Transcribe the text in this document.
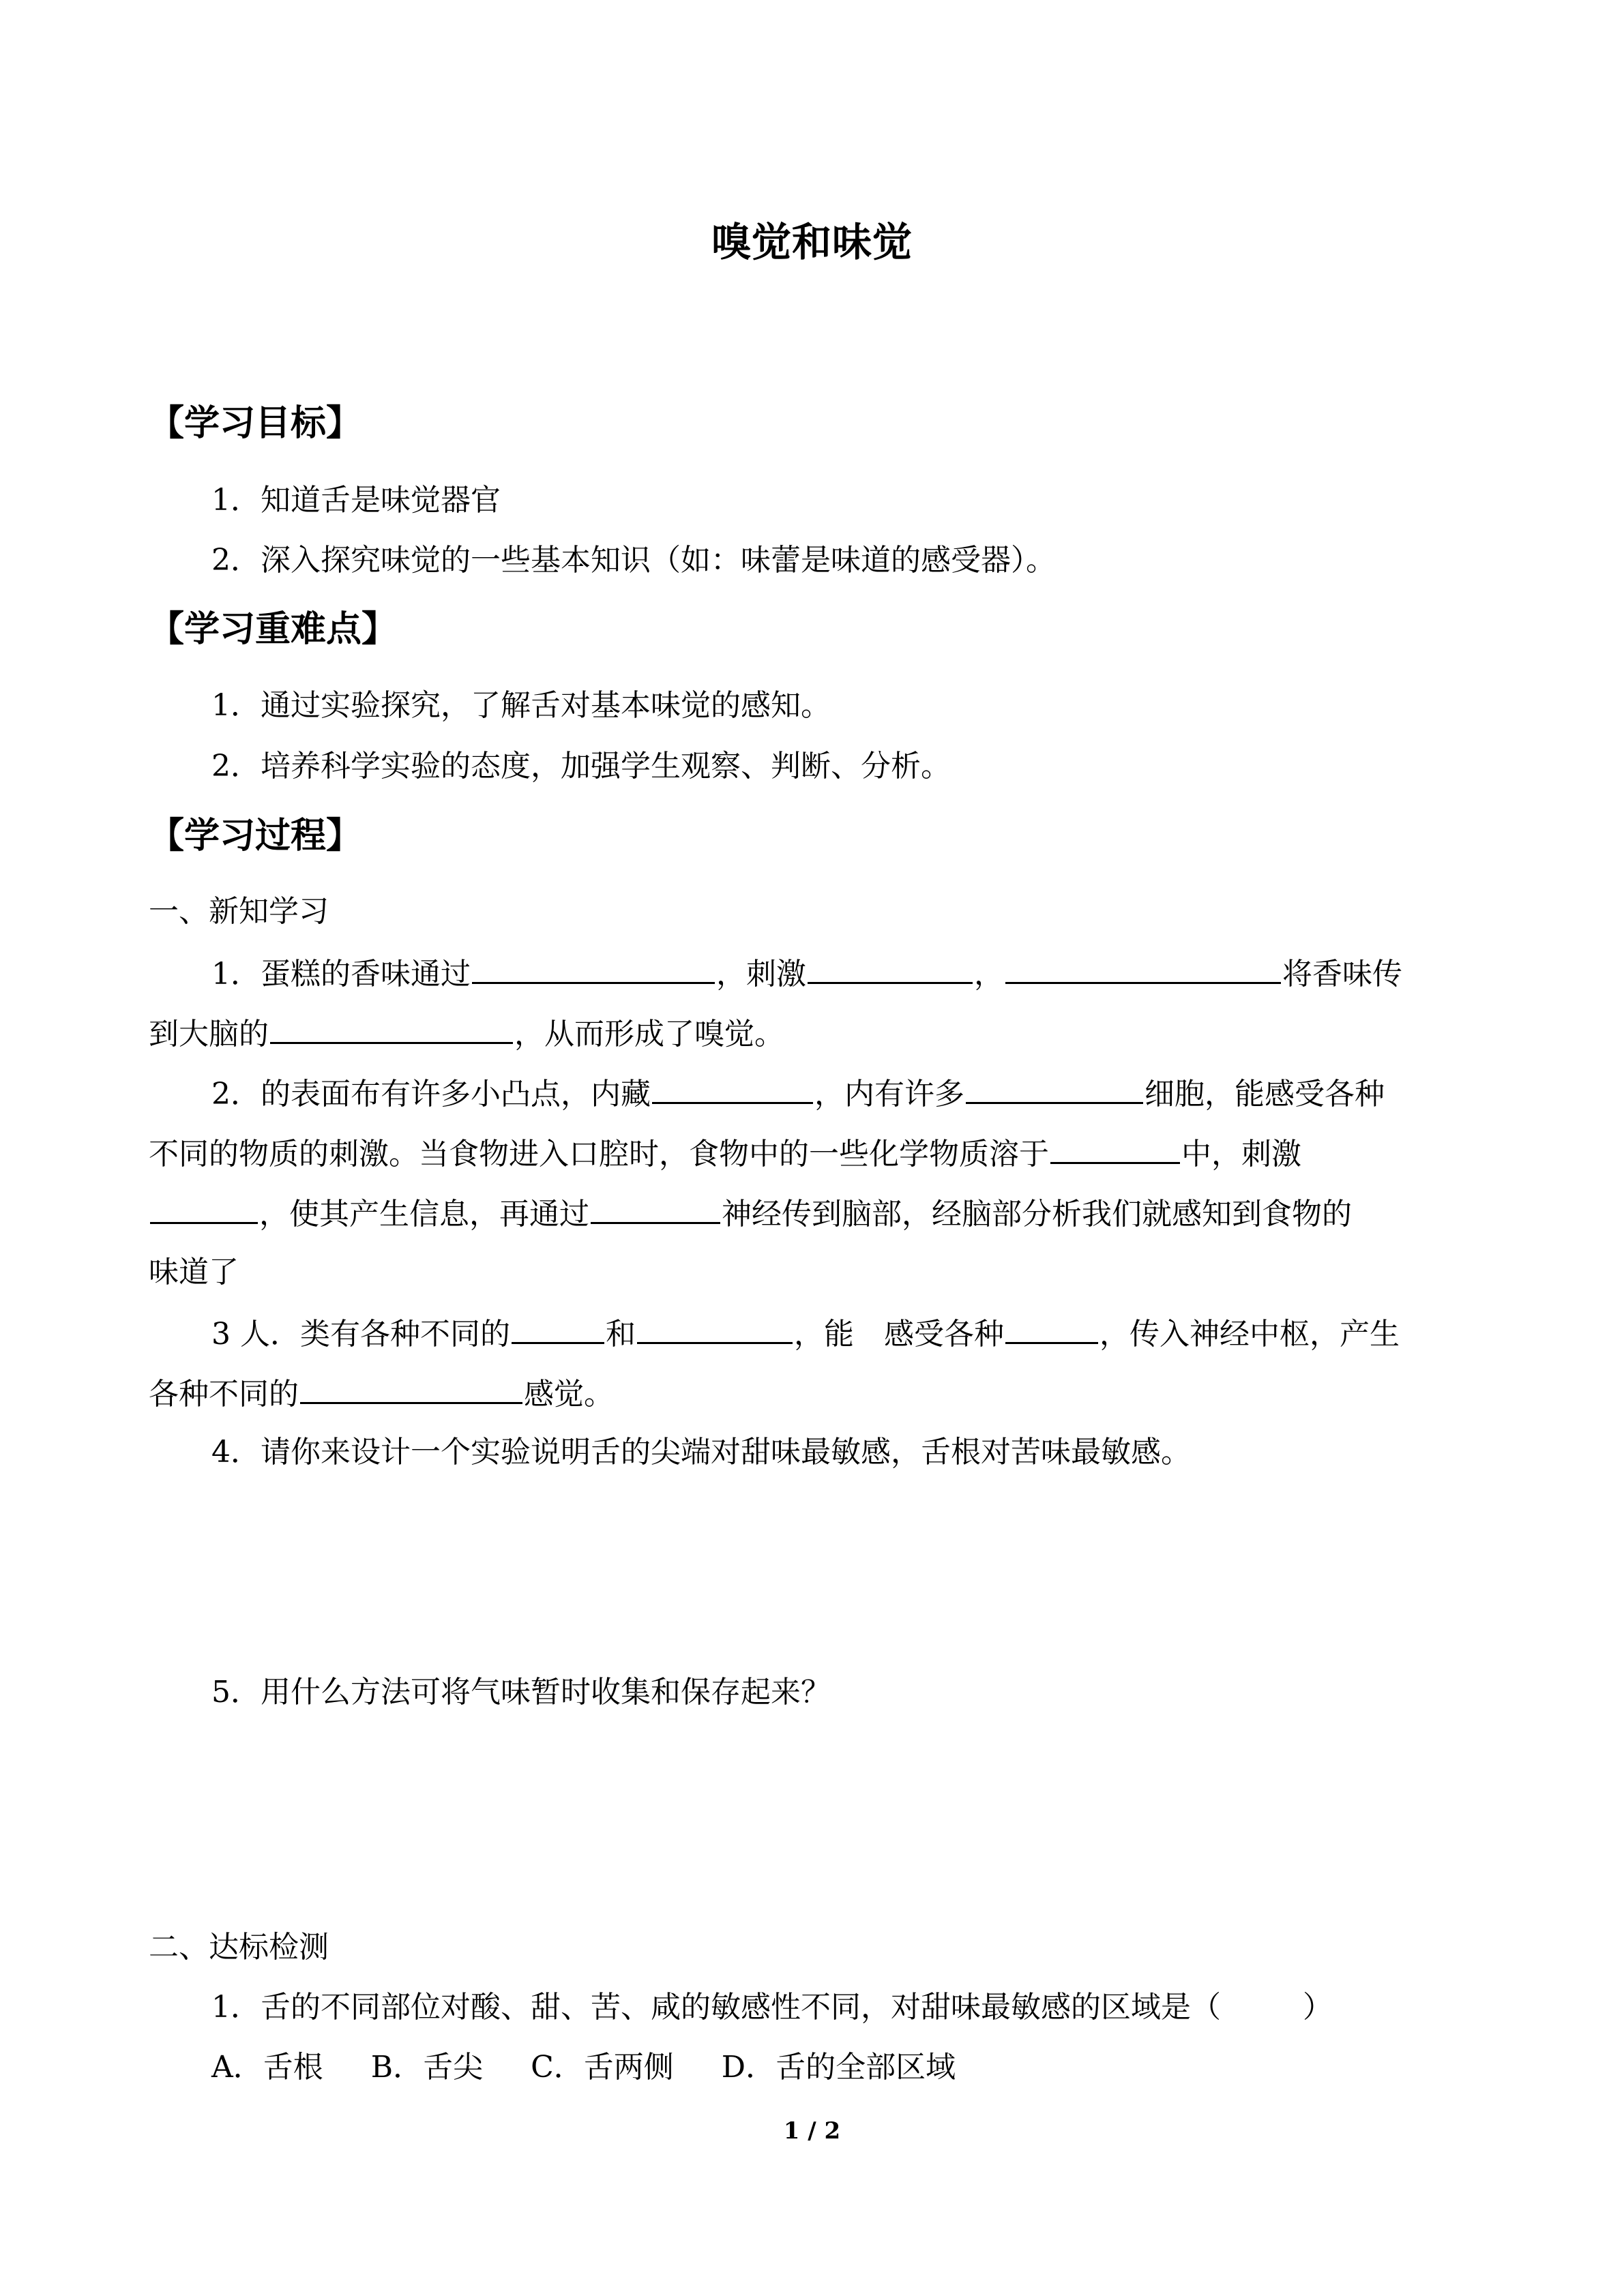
嗅觉和味觉
【学习目标】
1．知道舌是味觉器官
2．深入探究味觉的一些基本知识（如：味蕾是味道的感受器）。
【学习重难点】
1．通过实验探究，了解舌对基本味觉的感知。
2．培养科学实验的态度，加强学生观察、判断、分析。
【学习过程】
一、新知学习
1．蛋糕的香味通过	，刺激	，	将香味传
到大脑的	，从而形成了嗅觉。
2．的表面布有许多小凸点，内藏	，内有许多	细胞，能感受各种
不同的物质的刺激。当食物进入口腔时，食物中的一些化学物质溶于	中，刺激
，使其产生信息，再通过	神经传到脑部，经脑部分析我们就感知到食物的
味道了
3 人．类有各种不同的	和	，能　感受各种	，传入神经中枢，产生
各种不同的	感觉。
4．请你来设计一个实验说明舌的尖端对甜味最敏感，舌根对苦味最敏感。
5．用什么方法可将气味暂时收集和保存起来？
二、达标检测
1．舌的不同部位对酸、甜、苦、咸的敏感性不同，对甜味最敏感的区域是（	）
A．舌根 B．舌尖 C．舌两侧 D．舌的全部区域
1 / 2
